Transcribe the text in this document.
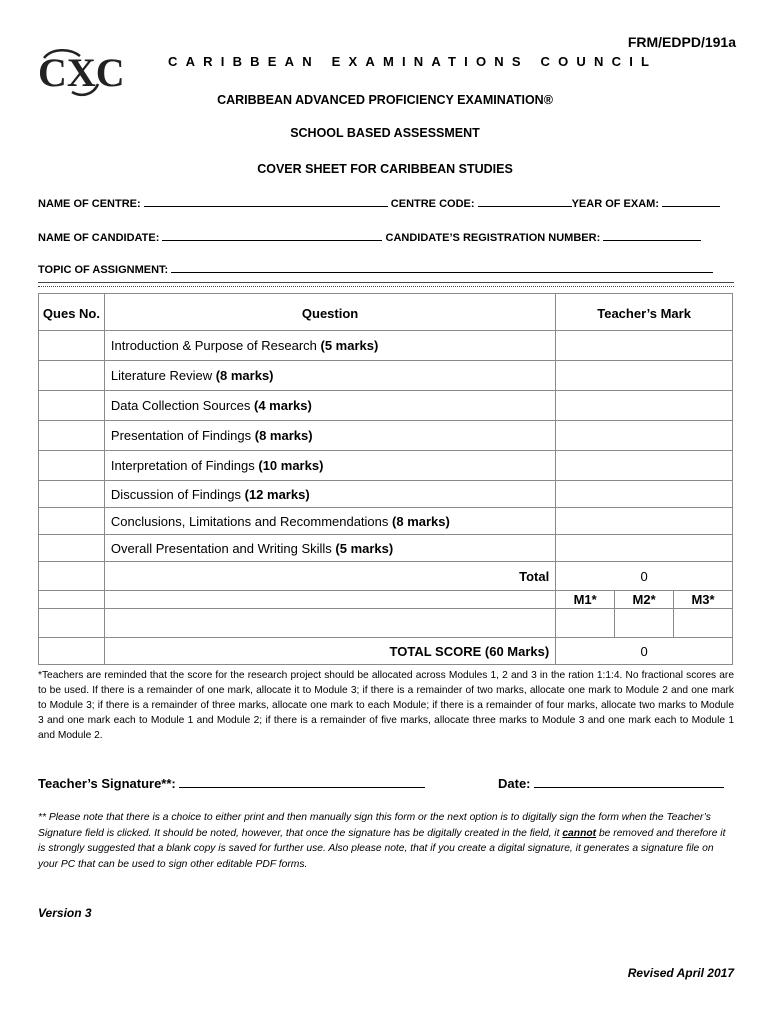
FRM/EDPD/191a
CXC	CARIBBEAN EXAMINATIONS COUNCIL
CARIBBEAN ADVANCED PROFICIENCY EXAMINATION®
SCHOOL BASED ASSESSMENT
COVER SHEET FOR CARIBBEAN STUDIES
NAME OF CENTRE:	CENTRE CODE:	YEAR OF EXAM:
NAME OF CANDIDATE:	CANDIDATE’S REGISTRATION NUMBER:
TOPIC OF ASSIGNMENT:
Ques No.	Question	Teacher’s Mark		
	Introduction & Purpose of Research (5 marks)			
	Literature Review (8 marks)			
	Data Collection Sources (4 marks)			
	Presentation of Findings (8 marks)			
	Interpretation of Findings (10 marks)			
	Discussion of Findings (12 marks)			
	Conclusions, Limitations and Recommendations (8 marks)			
	Overall Presentation and Writing Skills (5 marks)			
	Total	0		
		M1*	M2*	M3*

	TOTAL SCORE (60 Marks)	0		
*Teachers are reminded that the score for the research project should be allocated across Modules 1, 2 and 3 in the ration 1:1:4. No fractional scores are to be used. If there is a remainder of one mark, allocate it to Module 3; if there is a remainder of two marks, allocate one mark to Module 2 and one mark to Module 3; if there is a remainder of three marks, allocate one mark to each Module; if there is a remainder of four marks, allocate two marks to Module 3 and one mark each to Module 1 and Module 2; if there is a remainder of five marks, allocate three marks to Module 3 and one mark each to Module 1 and Module 2.
Teacher’s Signature**:	Date:
** Please note that there is a choice to either print and then manually sign this form or the next option is to digitally sign the form when the Teacher’s Signature field is clicked. It should be noted, however, that once the signature has be digitally created in the field, it cannot be removed and therefore it is strongly suggested that a blank copy is saved for further use. Also please note, that if you create a digital signature, it generates a signature file on your PC that can be used to sign other editable PDF forms.
Version 3
Revised April 2017
